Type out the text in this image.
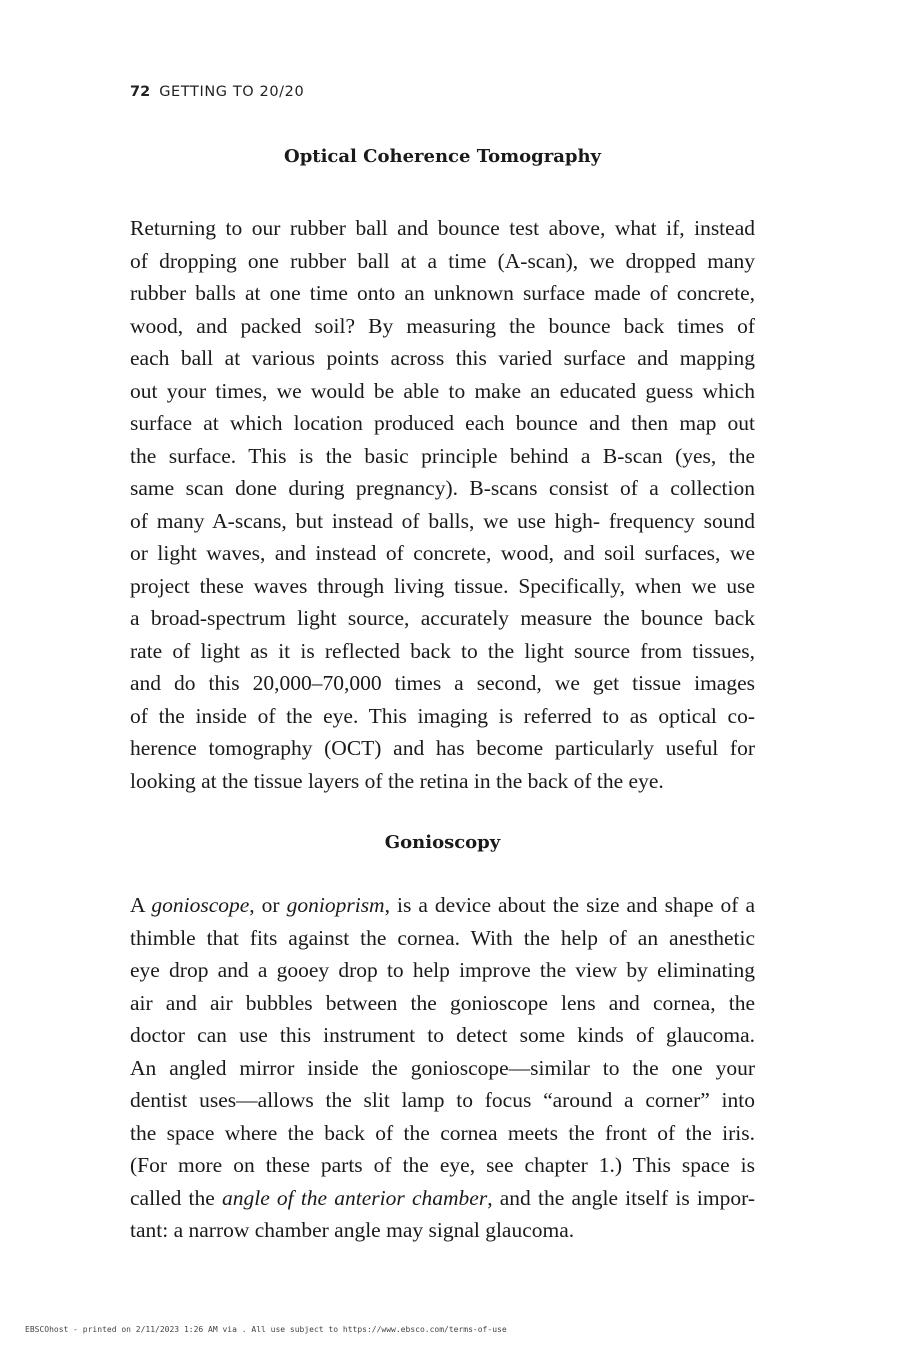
72 GETTING TO 20/20
Optical Coherence Tomography
Returning to our rubber ball and bounce test above, what if, instead
of dropping one rubber ball at a time (A-scan), we dropped many
rubber balls at one time onto an unknown surface made of concrete,
wood, and packed soil? By measuring the bounce back times of
each ball at various points across this varied surface and mapping
out your times, we would be able to make an educated guess which
surface at which location produced each bounce and then map out
the surface. This is the basic principle behind a B-scan (yes, the
same scan done during pregnancy). B-scans consist of a collection
of many A-scans, but instead of balls, we use high- frequency sound
or light waves, and instead of concrete, wood, and soil surfaces, we
project these waves through living tissue. Specifically, when we use
a broad-spectrum light source, accurately measure the bounce back
rate of light as it is reflected back to the light source from tissues,
and do this 20,000–70,000 times a second, we get tissue images
of the inside of the eye. This imaging is referred to as optical co-
herence tomography (OCT) and has become particularly useful for
looking at the tissue layers of the retina in the back of the eye.
Gonioscopy
A gonioscope, or gonioprism, is a device about the size and shape of a
thimble that fits against the cornea. With the help of an anesthetic
eye drop and a gooey drop to help improve the view by eliminating
air and air bubbles between the gonioscope lens and cornea, the
doctor can use this instrument to detect some kinds of glaucoma.
An angled mirror inside the gonioscope—similar to the one your
dentist uses—allows the slit lamp to focus “around a corner” into
the space where the back of the cornea meets the front of the iris.
(For more on these parts of the eye, see chapter 1.) This space is
called the angle of the anterior chamber, and the angle itself is impor-
tant: a narrow chamber angle may signal glaucoma.
EBSCOhost - printed on 2/11/2023 1:26 AM via . All use subject to https://www.ebsco.com/terms-of-use
